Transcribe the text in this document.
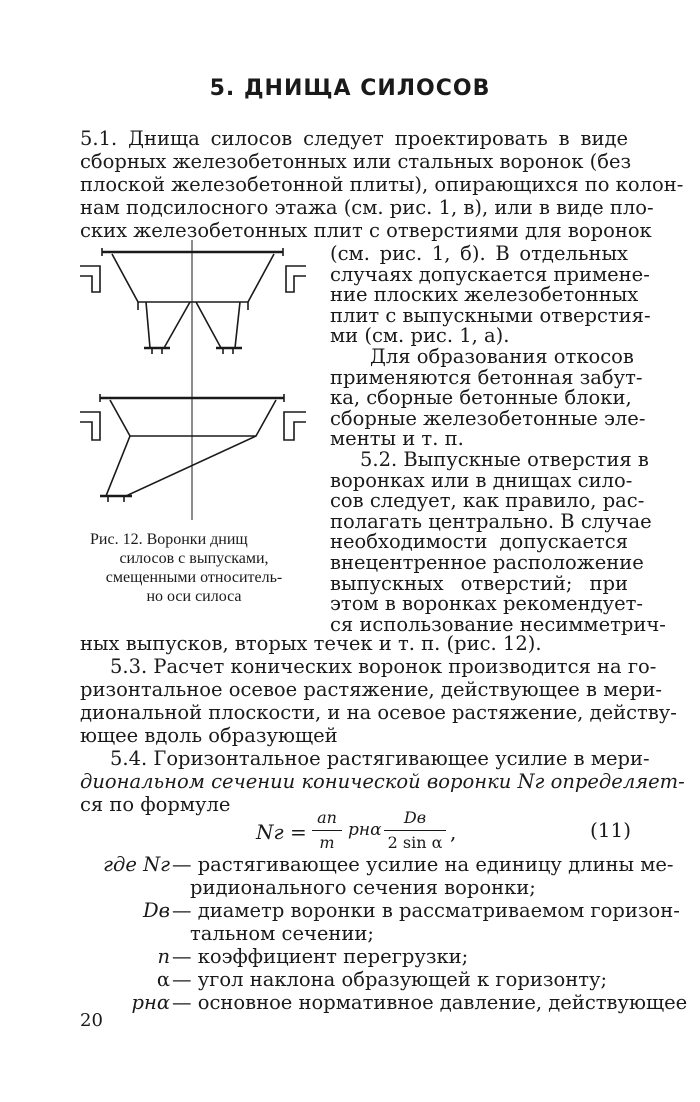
5. ДНИЩА СИЛОСОВ
5.1. Днища силосов следует проектировать в виде
сборных железобетонных или стальных воронок (без
плоской железобетонной плиты), опирающихся по колон-
нам подсилосного этажа (см. рис. 1, в), или в виде пло-
ских железобетонных плит с отверстиями для воронок
(см. рис. 1, б). В отдельных
случаях допускается примене-
ние плоских железобетонных
плит с выпускными отверстия-
ми (см. рис. 1, а).
Для образования откосов
применяются бетонная забут-
ка, сборные бетонные блоки,
сборные железобетонные эле-
менты и т. п.
5.2. Выпускные отверстия в
воронках или в днищах сило-
сов следует, как правило, рас-
полагать центрально. В случае
необходимости допускается
внецентренное расположение
выпускных отверстий; при
этом в воронках рекомендует-
ся использование несимметрич-
Рис. 12. Воронки днищ
силосов с выпусками,
смещенными относитель-
но оси силоса
Nг =
an
m
pнα
Dв
2 sin α ,	(11)
где Nг — растягивающее усилие на единицу длины ме-
ридионального сечения воронки;
Dв — диаметр воронки в рассматриваемом горизон-
тальном сечении;
n — коэффициент перегрузки;
α — угол наклона образующей к горизонту;
pнα — основное нормативное давление, действующее
20
ных выпусков, вторых течек и т. п. (рис. 12).
5.3. Расчет конических воронок производится на го-
ризонтальное осевое растяжение, действующее в мери-
диональной плоскости, и на осевое растяжение, действу-
ющее вдоль образующей
5.4. Горизонтальное растягивающее усилие в мери-
диональном сечении конической воронки Nг определяет-
ся по формуле
